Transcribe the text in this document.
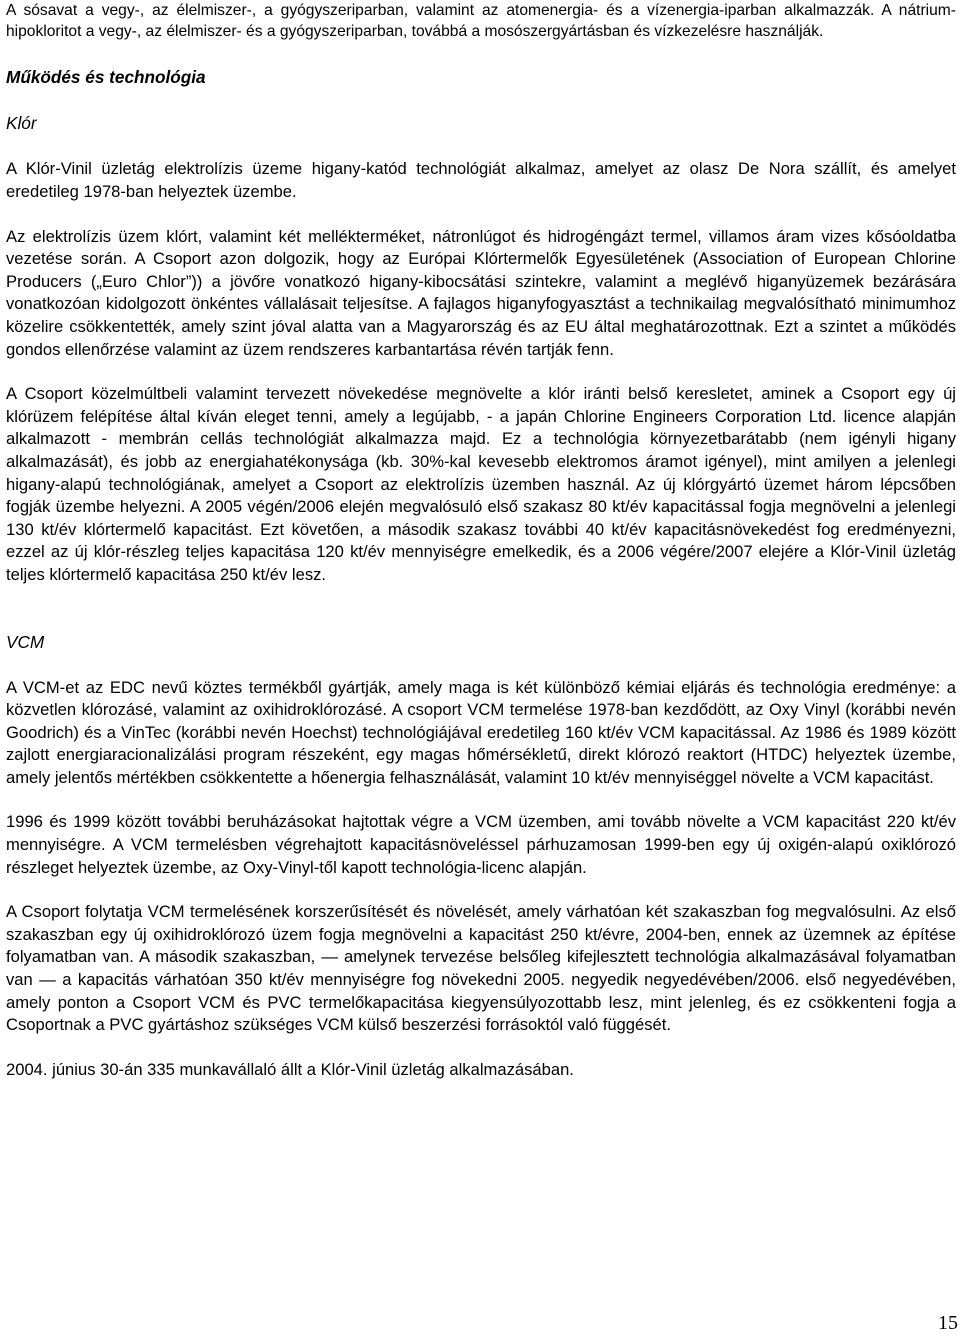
A sósavat a vegy-, az élelmiszer-, a gyógyszeriparban, valamint az atomenergia- és a vízenergia-iparban alkalmazzák. A nátrium-hipokloritot a vegy-, az élelmiszer- és a gyógyszeriparban, továbbá a mosószergyártásban és vízkezelésre használják.

Működés és technológia
Klór

A Klór-Vinil üzletág elektrolízis üzeme higany-katód technológiát alkalmaz, amelyet az olasz De Nora szállít, és amelyet eredetileg 1978-ban helyeztek üzembe.

Az elektrolízis üzem klórt, valamint két mellékterméket, nátronlúgot és hidrogéngázt termel, villamos áram vizes kősóoldatba vezetése során. A Csoport azon dolgozik, hogy az Európai Klórtermelők Egyesületének (Association of European Chlorine Producers („Euro Chlor”)) a jövőre vonatkozó higany-kibocsátási szintekre, valamint a meglévő higanyüzemek bezárására vonatkozóan kidolgozott önkéntes vállalásait teljesítse. A fajlagos higanyfogyasztást a technikailag megvalósítható minimumhoz közelire csökkentették, amely szint jóval alatta van a Magyarország és az EU által meghatározottnak. Ezt a szintet a működés gondos ellenőrzése valamint az üzem rendszeres karbantartása révén tartják fenn.

A Csoport közelmúltbeli valamint tervezett növekedése megnövelte a klór iránti belső keresletet, aminek a Csoport egy új klórüzem felépítése által kíván eleget tenni, amely a legújabb, - a japán Chlorine Engineers Corporation Ltd. licence alapján alkalmazott - membrán cellás technológiát alkalmazza majd. Ez a technológia környezetbarátabb (nem igényli higany alkalmazását), és jobb az energiahatékonysága (kb. 30%-kal kevesebb elektromos áramot igényel), mint amilyen a jelenlegi higany-alapú technológiának, amelyet a Csoport az elektrolízis üzemben használ. Az új klórgyártó üzemet három lépcsőben fogják üzembe helyezni. A 2005 végén/2006 elején megvalósuló első szakasz 80 kt/év kapacitással fogja megnövelni a jelenlegi 130 kt/év klórtermelő kapacitást. Ezt követően, a második szakasz további 40 kt/év kapacitásnövekedést fog eredményezni, ezzel az új klór-részleg teljes kapacitása 120 kt/év mennyiségre emelkedik, és a 2006 végére/2007 elejére a Klór-Vinil üzletág teljes klórtermelő kapacitása 250 kt/év lesz.

VCM

A VCM-et az EDC nevű köztes termékből gyártják, amely maga is két különböző kémiai eljárás és technológia eredménye: a közvetlen klórozásé, valamint az oxihidroklórozásé. A csoport VCM termelése 1978-ban kezdődött, az Oxy Vinyl (korábbi nevén Goodrich) és a VinTec (korábbi nevén Hoechst) technológiájával eredetileg 160 kt/év VCM kapacitással. Az 1986 és 1989 között zajlott energiaracionalizálási program részeként, egy magas hőmérsékletű, direkt klórozó reaktort (HTDC) helyeztek üzembe, amely jelentős mértékben csökkentette a hőenergia felhasználását, valamint 10 kt/év mennyiséggel növelte a VCM kapacitást.

1996 és 1999 között további beruházásokat hajtottak végre a VCM üzemben, ami tovább növelte a VCM kapacitást 220 kt/év mennyiségre. A VCM termelésben végrehajtott kapacitásnöveléssel párhuzamosan 1999-ben egy új oxigén-alapú oxiklórozó részleget helyeztek üzembe, az Oxy-Vinyl-től kapott technológia-licenc alapján.

A Csoport folytatja VCM termelésének korszerűsítését és növelését, amely várhatóan két szakaszban fog megvalósulni. Az első szakaszban egy új oxihidroklórozó üzem fogja megnövelni a kapacitást 250 kt/évre, 2004-ben, ennek az üzemnek az építése folyamatban van. A második szakaszban, — amelynek tervezése belsőleg kifejlesztett technológia alkalmazásával folyamatban van — a kapacitás várhatóan 350 kt/év mennyiségre fog növekedni 2005. negyedik negyedévében/2006. első negyedévében, amely ponton a Csoport VCM és PVC termelőkapacitása kiegyensúlyozottabb lesz, mint jelenleg, és ez csökkenteni fogja a Csoportnak a PVC gyártáshoz szükséges VCM külső beszerzési forrásoktól való függését.

2004. június 30-án 335 munkavállaló állt a Klór-Vinil üzletág alkalmazásában.

15
